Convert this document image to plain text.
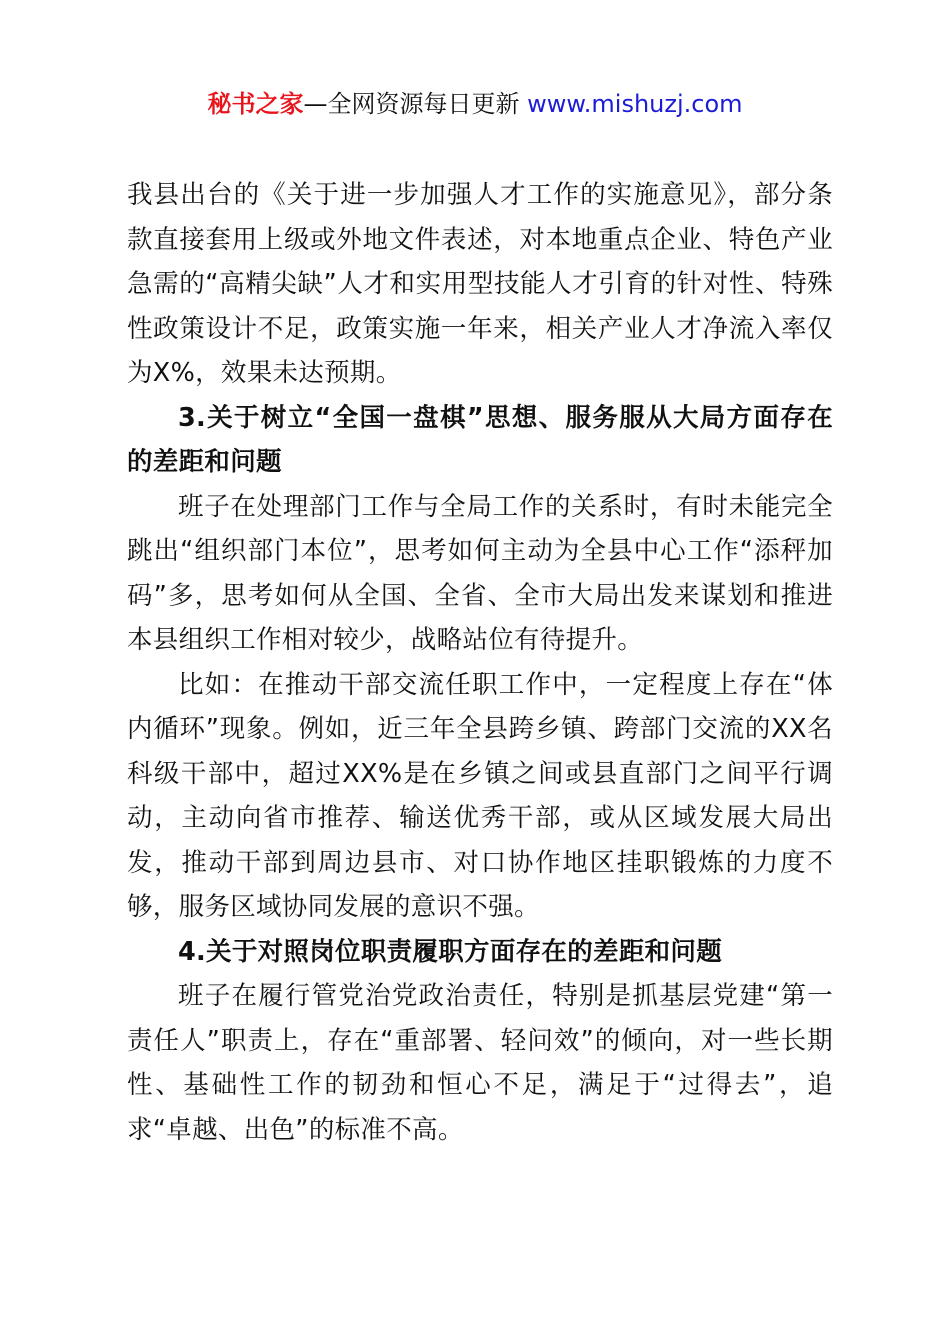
秘书之家—全网资源每日更新 www.mishuzj.com

我县出台的《关于进一步加强人才工作的实施意见》，部分条款直接套用上级或外地文件表述，对本地重点企业、特色产业急需的“高精尖缺”人才和实用型技能人才引育的针对性、特殊性政策设计不足，政策实施一年来，相关产业人才净流入率仅为X%，效果未达预期。

3.关于树立“全国一盘棋”思想、服务服从大局方面存在的差距和问题

班子在处理部门工作与全局工作的关系时，有时未能完全跳出“组织部门本位”，思考如何主动为全县中心工作“添秤加码”多，思考如何从全国、全省、全市大局出发来谋划和推进本县组织工作相对较少，战略站位有待提升。

比如：在推动干部交流任职工作中，一定程度上存在“体内循环”现象。例如，近三年全县跨乡镇、跨部门交流的XX名科级干部中，超过XX%是在乡镇之间或县直部门之间平行调动，主动向省市推荐、输送优秀干部，或从区域发展大局出发，推动干部到周边县市、对口协作地区挂职锻炼的力度不够，服务区域协同发展的意识不强。

4.关于对照岗位职责履职方面存在的差距和问题

班子在履行管党治党政治责任，特别是抓基层党建“第一责任人”职责上，存在“重部署、轻问效”的倾向，对一些长期性、基础性工作的韧劲和恒心不足，满足于“过得去”，追求“卓越、出色”的标准不高。
